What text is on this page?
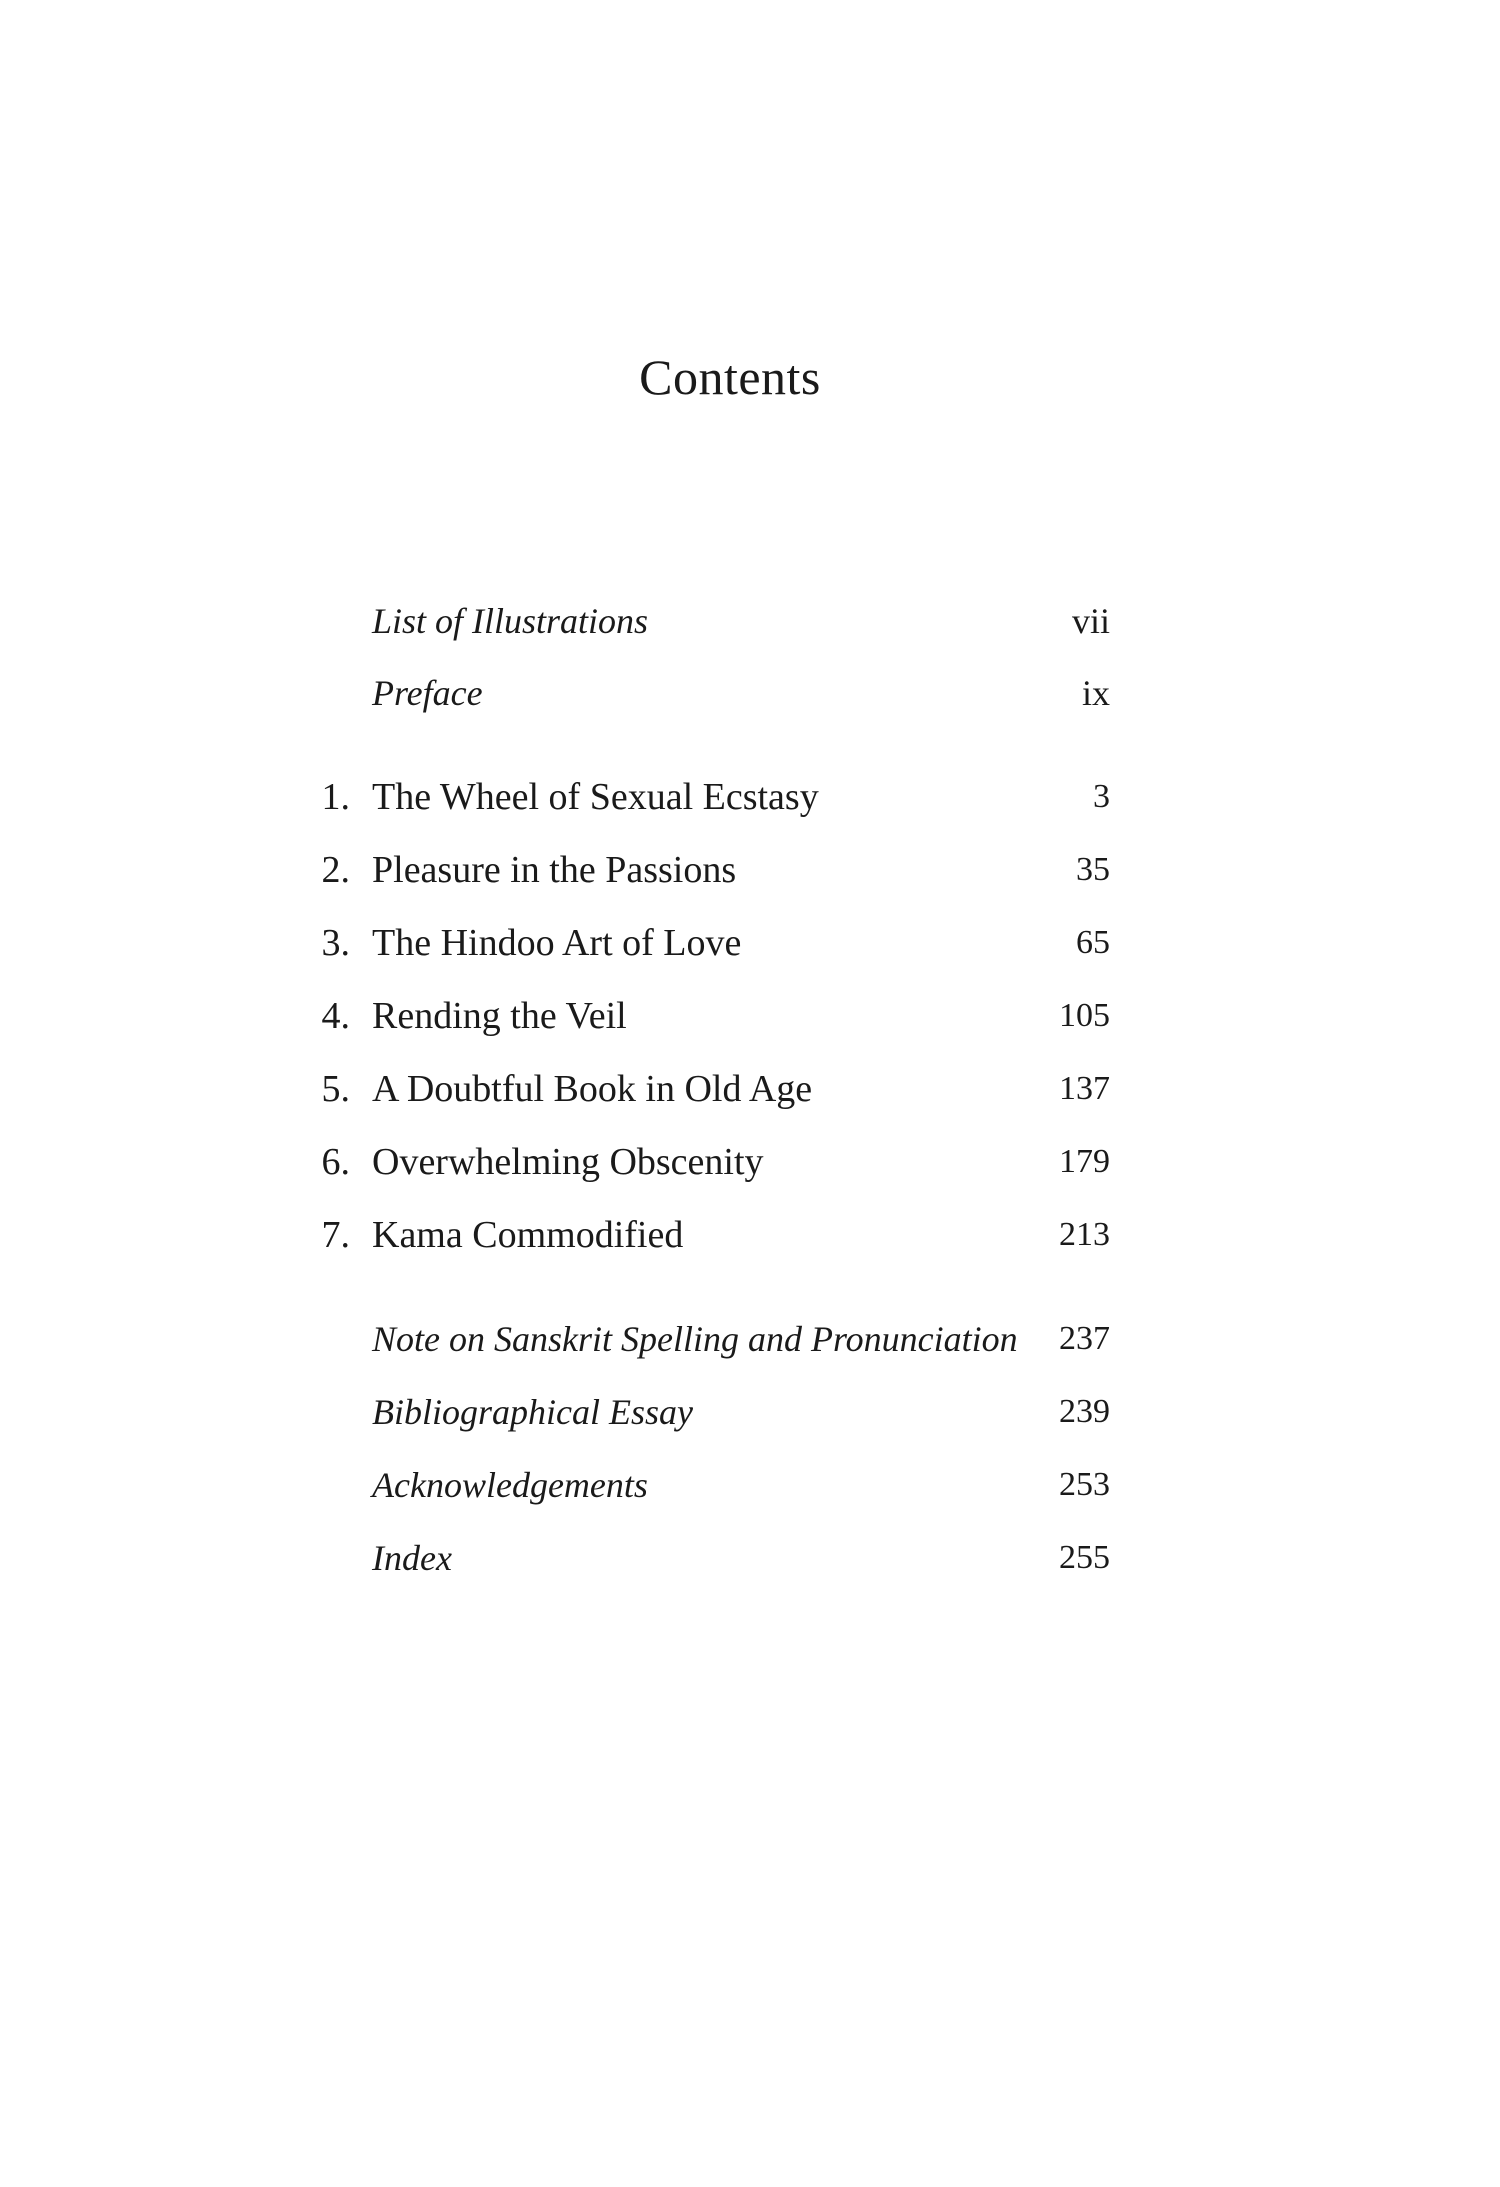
Contents
List of Illustrations	vii
Preface	ix
1. The Wheel of Sexual Ecstasy	3
2. Pleasure in the Passions	35
3. The Hindoo Art of Love	65
4. Rending the Veil	105
5. A Doubtful Book in Old Age	137
6. Overwhelming Obscenity	179
7. Kama Commodified	213
Note on Sanskrit Spelling and Pronunciation 237
Bibliographical Essay	239
Acknowledgements	253
Index	255
